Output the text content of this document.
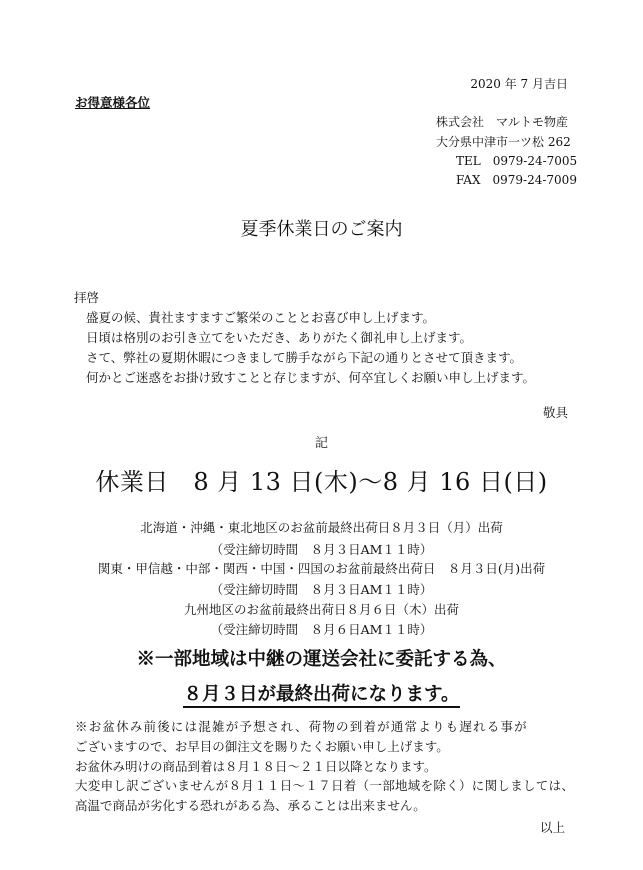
2020 年 7 月吉日
お得意様各位
株式会社　マルトモ物産
大分県中津市一ツ松 262
TEL　0979-24-7005
FAX　0979-24-7009
夏季休業日のご案内
拝啓
盛夏の候、貴社ますますご繁栄のこととお喜び申し上げます。
日頃は格別のお引き立てをいただき、ありがたく御礼申し上げます。
さて、弊社の夏期休暇につきまして勝手ながら下記の通りとさせて頂きます。
何かとご迷惑をお掛け致すことと存じますが、何卒宜しくお願い申し上げます。
敬具
記
休業日　8 月 13 日(木)～8 月 16 日(日)
北海道・沖縄・東北地区のお盆前最終出荷日８月３日（月）出荷
（受注締切時間　８月３日AM１１時）
関東・甲信越・中部・関西・中国・四国のお盆前最終出荷日　８月３日(月)出荷
（受注締切時間　８月３日AM１１時）
九州地区のお盆前最終出荷日８月６日（木）出荷
（受注締切時間　８月６日AM１１時）
※一部地域は中継の運送会社に委託する為、
８月３日が最終出荷になります。
※お盆休み前後には混雑が予想され、荷物の到着が通常よりも遅れる事が
ございますので、お早目の御注文を賜りたくお願い申し上げます。
お盆休み明けの商品到着は８月１８日～２１日以降となります。
大変申し訳ございませんが８月１１日～１７日着（一部地域を除く）に関しましては、
高温で商品が劣化する恐れがある為、承ることは出来ません。
以上
